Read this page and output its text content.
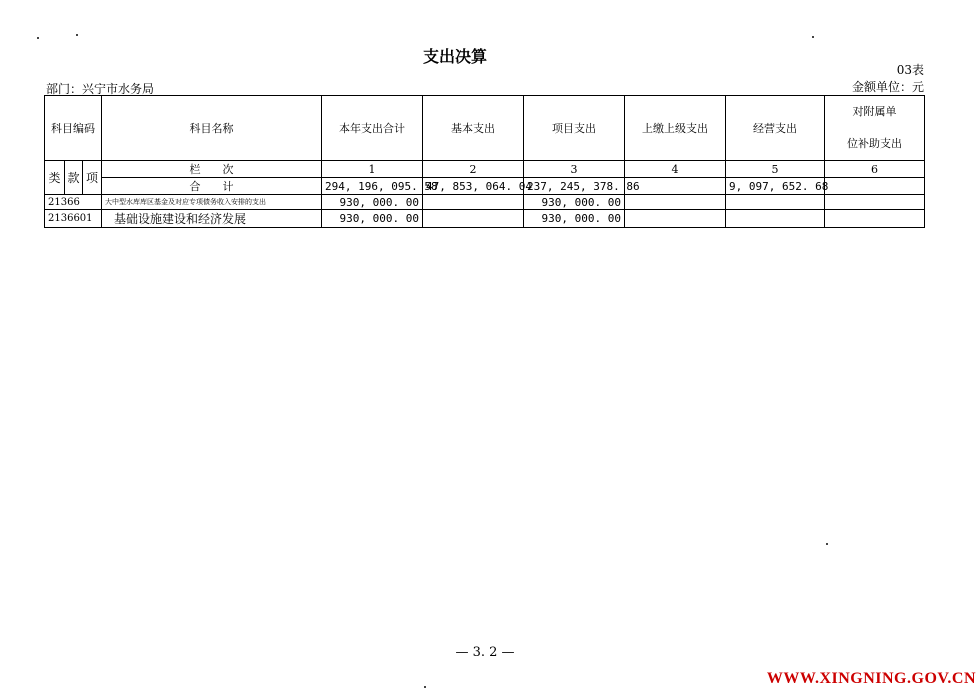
支出决算
03表
部门：兴宁市水务局	金额单位：元
科目编码			科目名称	本年支出合计	基本支出	项目支出	上缴上级支出	经营支出	对附属单
位补助支出
类	款	项	栏　　次	1	2	3	4	5	6
			合　　计	294, 196, 095. 58	47, 853, 064. 04	237, 245, 378. 86		9, 097, 652. 68	
21366			大中型水库库区基金及对应专项债务收入安排的支出	930, 000. 00		930, 000. 00			
2136601			基础设施建设和经济发展	930, 000. 00		930, 000. 00			
— 3. 2 —
WWW.XINGNING.GOV.CN
